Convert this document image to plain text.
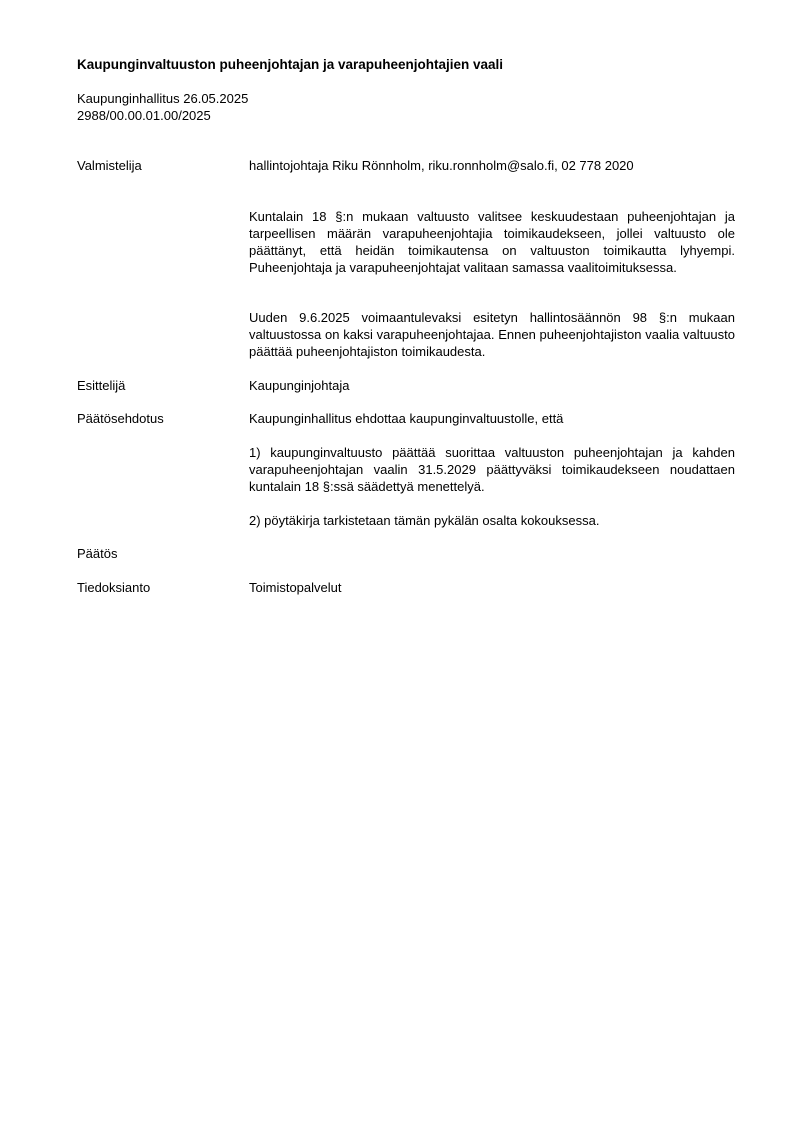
Kaupunginvaltuuston puheenjohtajan ja varapuheenjohtajien vaali
Kaupunginhallitus 26.05.2025
2988/00.00.01.00/2025
Valmistelija	hallintojohtaja Riku Rönnholm, riku.ronnholm@salo.fi, 02 778 2020

Kuntalain 18 §:n mukaan valtuusto valitsee keskuudestaan puheenjohtajan ja tarpeellisen määrän varapuheenjohtajia toimikaudekseen, jollei valtuusto ole päättänyt, että heidän toimikautensa on valtuuston toimikautta lyhyempi. Puheenjohtaja ja varapuheenjohtajat valitaan samassa vaalitoimituksessa.

Uuden 9.6.2025 voimaantulevaksi esitetyn hallintosäännön 98 §:n mukaan valtuustossa on kaksi varapuheenjohtajaa. Ennen puheenjohtajiston vaalia valtuusto päättää puheenjohtajiston toimikaudesta.

Esittelijä	Kaupunginjohtaja
Päätösehdotus	Kaupunginhallitus ehdottaa kaupunginvaltuustolle, että

1) kaupunginvaltuusto päättää suorittaa valtuuston puheenjohtajan ja kahden varapuheenjohtajan vaalin 31.5.2029 päättyväksi toimikaudekseen noudattaen kuntalain 18 §:ssä säädettyä menettelyä.

2) pöytäkirja tarkistetaan tämän pykälän osalta kokouksessa.
Päätös
Tiedoksianto	Toimistopalvelut
